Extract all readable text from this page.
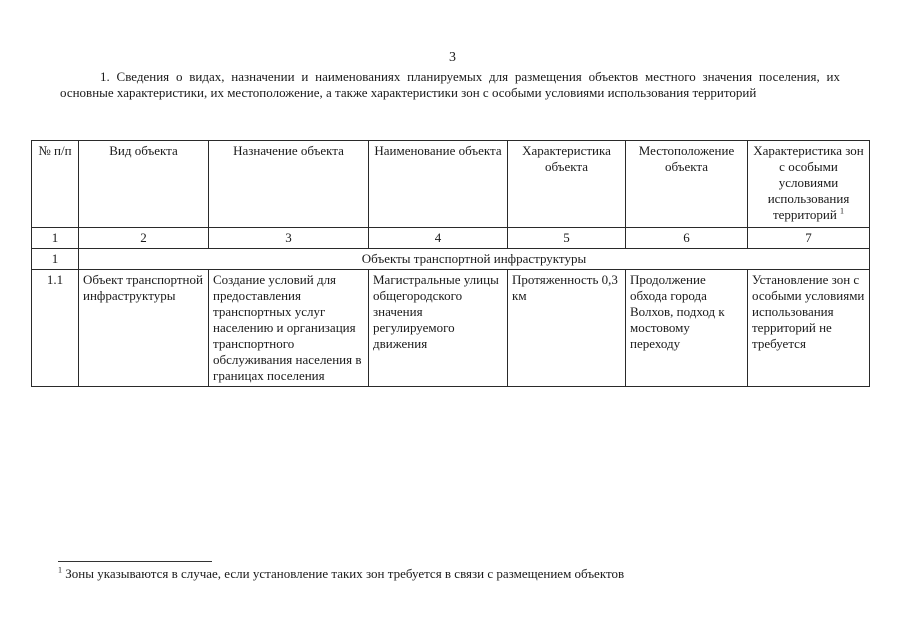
3
1. Сведения о видах, назначении и наименованиях планируемых для размещения объектов местного значения поселения, их основные характеристики, их местоположение, а также характеристики зон с особыми условиями использования территорий
№ п/п	Вид объекта	Назначение объекта	Наименование объекта	Характеристика объекта	Местоположение объекта	Характеристика зон с особыми условиями использования территорий $^1$
1	2	3	4	5	6	7
1	Объекты транспортной инфраструктуры					
1.1	Объект транспортной инфраструктуры	Создание условий для предоставления транспортных услуг населению и организация транспортного обслуживания населения в границах поселения	Магистральные улицы общегородского значения регулируемого движения	Протяженность 0,3 км	Продолжение обхода города Волхов, подход к мостовому переходу	Установление зон с особыми условиями использования территорий не требуется
$^1$ Зоны указываются в случае, если установление таких зон требуется в связи с размещением объектов
